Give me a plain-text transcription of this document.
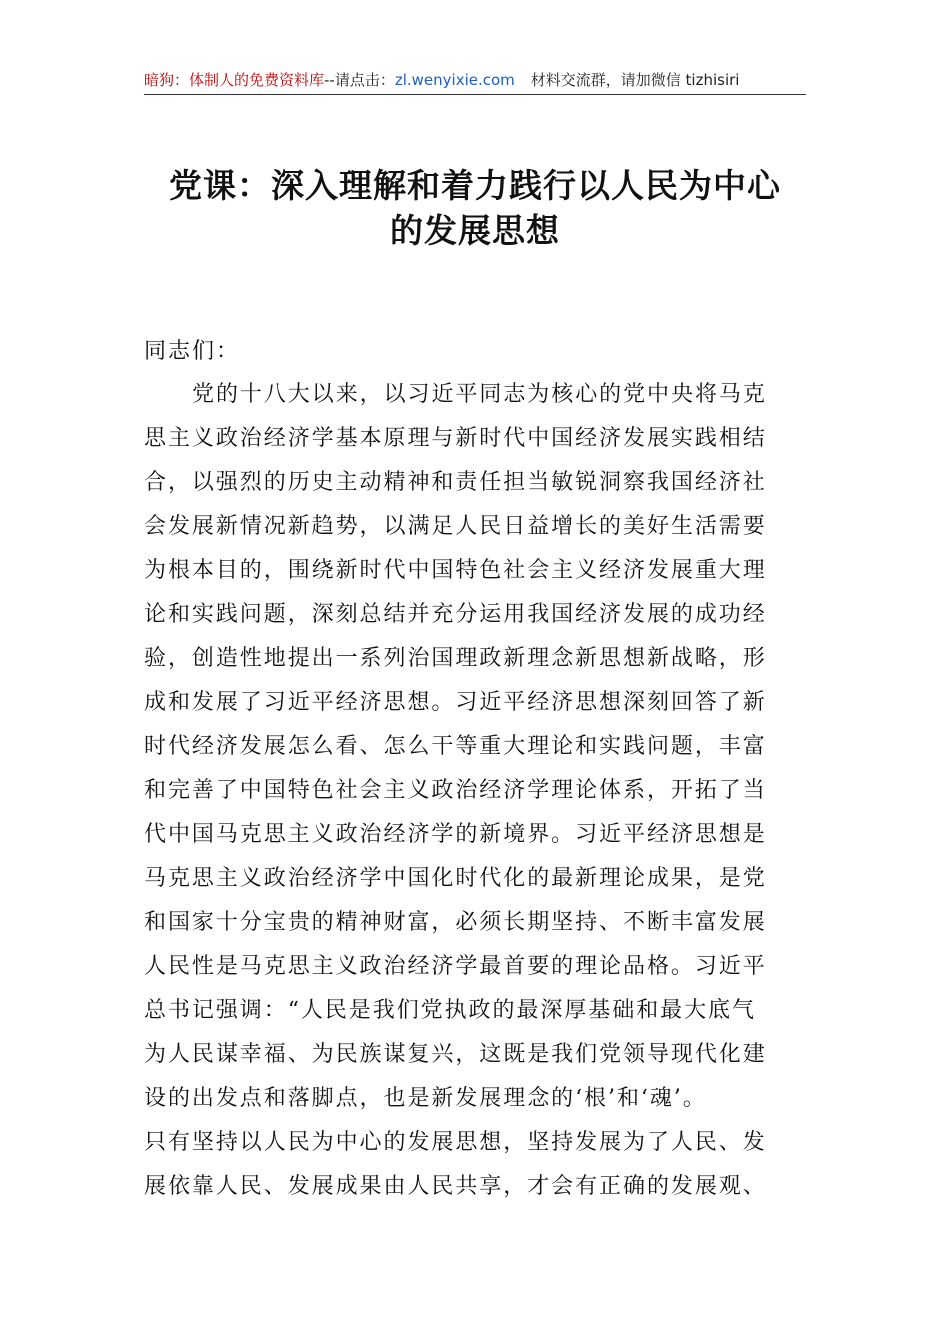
暗狗：体制人的免费资料库--请点击：zl.wenyixie.com 材料交流群，请加微信 tizhisiri
党课：深入理解和着力践行以人民为中心
的发展思想
同志们：
党的十八大以来，以习近平同志为核心的党中央将马克
思主义政治经济学基本原理与新时代中国经济发展实践相结
合，以强烈的历史主动精神和责任担当敏锐洞察我国经济社
会发展新情况新趋势，以满足人民日益增长的美好生活需要
为根本目的，围绕新时代中国特色社会主义经济发展重大理
论和实践问题，深刻总结并充分运用我国经济发展的成功经
验，创造性地提出一系列治国理政新理念新思想新战略，形
成和发展了习近平经济思想。习近平经济思想深刻回答了新
时代经济发展怎么看、怎么干等重大理论和实践问题，丰富
和完善了中国特色社会主义政治经济学理论体系，开拓了当
代中国马克思主义政治经济学的新境界。习近平经济思想是
马克思主义政治经济学中国化时代化的最新理论成果，是党
和国家十分宝贵的精神财富，必须长期坚持、不断丰富发展
人民性是马克思主义政治经济学最首要的理论品格。习近平
总书记强调：“人民是我们党执政的最深厚基础和最大底气
为人民谋幸福、为民族谋复兴，这既是我们党领导现代化建
设的出发点和落脚点，也是新发展理念的‘根’和‘魂’。
只有坚持以人民为中心的发展思想，坚持发展为了人民、发
展依靠人民、发展成果由人民共享，才会有正确的发展观、
